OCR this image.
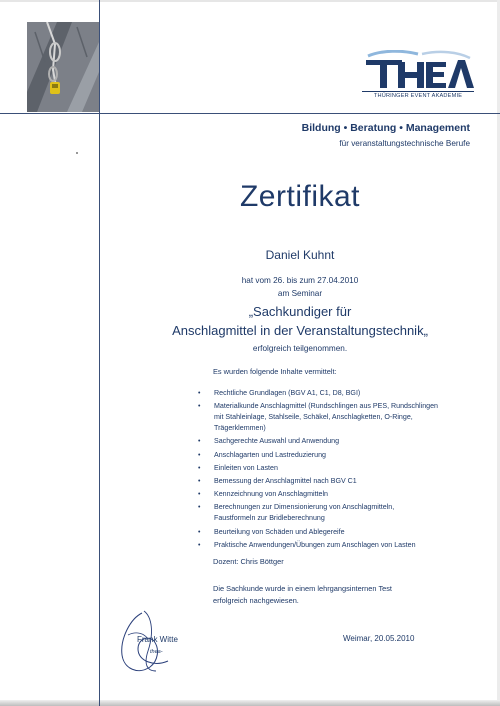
THÜRINGER EVENT AKADEMIE
Bildung • Beratung • Management
für veranstaltungstechnische Berufe
Zertifikat
Daniel Kuhnt
hat vom 26. bis zum 27.04.2010
am Seminar
„Sachkundiger für
Anschlagmittel in der Veranstaltungstechnik„
erfolgreich teilgenommen.
Es wurden folgende Inhalte vermittelt:
• Rechtliche Grundlagen (BGV A1, C1, D8, BGI)
• Materialkunde Anschlagmittel (Rundschlingen aus PES, Rundschlingen
mit Stahleinlage, Stahlseile, Schäkel, Anschlagketten, O-Ringe,
Trägerklemmen)
• Sachgerechte Auswahl und Anwendung
• Anschlagarten und Lastreduzierung
• Einleiten von Lasten
• Bemessung der Anschlagmittel nach BGV C1
• Kennzeichnung von Anschlagmitteln
• Berechnungen zur Dimensionierung von Anschlagmitteln,
Faustformeln zur Bridleberechnung
• Beurteilung von Schäden und Ablegereife
• Praktische Anwendungen/Übungen zum Anschlagen von Lasten
Dozent: Chris Böttger
Die Sachkunde wurde in einem lehrgangsinternen Test
erfolgreich nachgewiesen.
Frank Witte
thea-
Weimar, 20.05.2010
